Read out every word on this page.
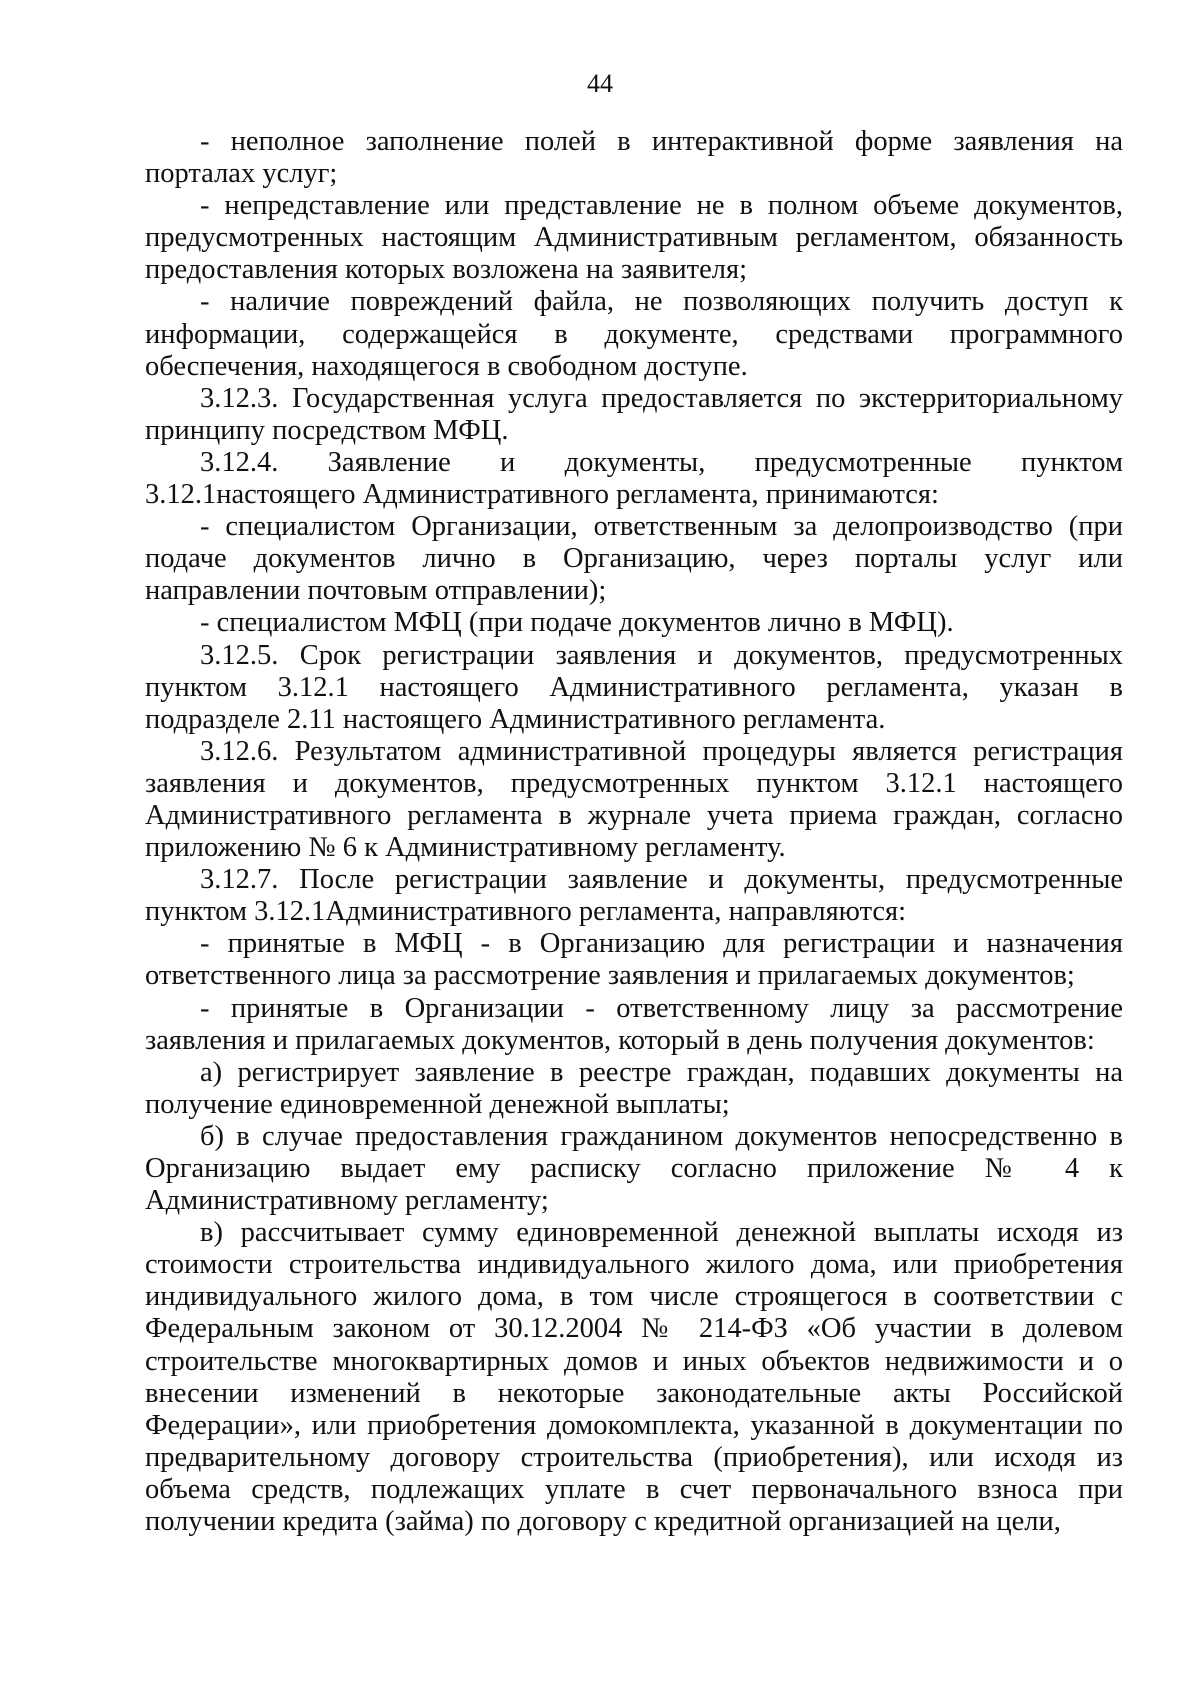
44

- неполное заполнение полей в интерактивной форме заявления на порталах услуг;

- непредставление или представление не в полном объеме документов, предусмотренных настоящим Административным регламентом, обязанность предоставления которых возложена на заявителя;

- наличие повреждений файла, не позволяющих получить доступ к информации, содержащейся в документе, средствами программного обеспечения, находящегося в свободном доступе.

3.12.3. Государственная услуга предоставляется по экстерриториальному принципу посредством МФЦ.

3.12.4. Заявление и документы, предусмотренные пунктом 3.12.1настоящего Административного регламента, принимаются:

- специалистом Организации, ответственным за делопроизводство (при подаче документов лично в Организацию, через порталы услуг или направлении почтовым отправлении);

- специалистом МФЦ (при подаче документов лично в МФЦ).

3.12.5. Срок регистрации заявления и документов, предусмотренных пунктом 3.12.1 настоящего Административного регламента, указан в подразделе 2.11 настоящего Административного регламента.

3.12.6. Результатом административной процедуры является регистрация заявления и документов, предусмотренных пунктом 3.12.1 настоящего Административного регламента в журнале учета приема граждан, согласно приложению № 6 к Административному регламенту.

3.12.7. После регистрации заявление и документы, предусмотренные пунктом 3.12.1Административного регламента, направляются:

- принятые в МФЦ - в Организацию для регистрации и назначения ответственного лица за рассмотрение заявления и прилагаемых документов;

- принятые в Организации - ответственному лицу за рассмотрение заявления и прилагаемых документов, который в день получения документов:

а) регистрирует заявление в реестре граждан, подавших документы на получение единовременной денежной выплаты;

б) в случае предоставления гражданином документов непосредственно в Организацию выдает ему расписку согласно приложение № 4 к Административному регламенту;

в) рассчитывает сумму единовременной денежной выплаты исходя из стоимости строительства индивидуального жилого дома, или приобретения индивидуального жилого дома, в том числе строящегося в соответствии с Федеральным законом от 30.12.2004 № 214-ФЗ «Об участии в долевом строительстве многоквартирных домов и иных объектов недвижимости и о внесении изменений в некоторые законодательные акты Российской Федерации», или приобретения домокомплекта, указанной в документации по предварительному договору строительства (приобретения), или исходя из объема средств, подлежащих уплате в счет первоначального взноса при получении кредита (займа) по договору с кредитной организацией на цели,
